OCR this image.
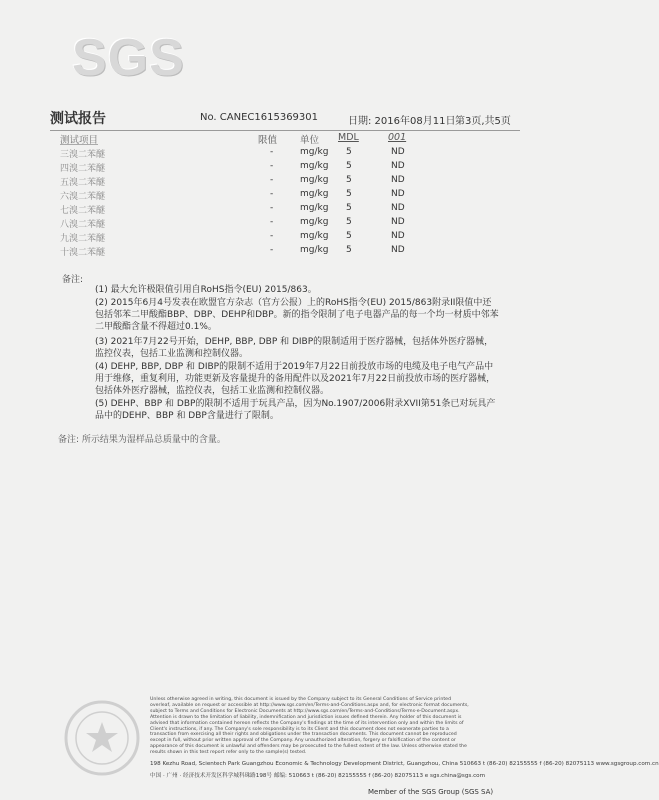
SGS
测试报告	No. CANEC1615369301	日期: 2016年08月11日 第3页,共5页
测试项目	限值 单位 MDL	001
三溴二苯醚	-	mg/kg 5	ND
四溴二苯醚	-	mg/kg 5	ND
五溴二苯醚	-	mg/kg 5	ND
六溴二苯醚	-	mg/kg 5	ND
七溴二苯醚	-	mg/kg 5	ND
八溴二苯醚	-	mg/kg 5	ND
九溴二苯醚	-	mg/kg 5	ND
十溴二苯醚	-	mg/kg 5	ND
备注:
(1) 最大允许极限值引用自RoHS指令(EU) 2015/863。
(2) 2015年6月4号发表在欧盟官方杂志（官方公报）上的RoHS指令(EU) 2015/863附录II限值中还包括邻苯二甲酸酯BBP、DBP、DEHP和DBP。新的指令限制了电子电器产品的每一个均一材质中邻苯二甲酸酯含量不得超过0.1%。
(3) 2021年7月22号开始，DEHP, BBP, DBP 和 DIBP的限制适用于医疗器械，包括体外医疗器械，监控仪表，包括工业监测和控制仪器。
(4) DEHP, BBP, DBP 和 DIBP的限制不适用于2019年7月22日前投放市场的电缆及电子电气产品中用于维修，重复利用，功能更新及容量提升的备用配件以及2021年7月22日前投放市场的医疗器械，包括体外医疗器械，监控仪表，包括工业监测和控制仪器。
(5) DEHP、BBP 和 DBP的限制不适用于玩具产品，因为No.1907/2006附录XVII第51条已对玩具产品中的DEHP、BBP 和 DBP含量进行了限制。
备注: 所示结果为湿样品总质量中的含量。

Unless otherwise agreed in writing, this document is issued by the Company subject to its General Conditions of Service printed

overleaf, available on request or accessible at http://www.sgs.com/en/Terms-and-Conditions.aspx and, for electronic format documents,

subject to Terms and Conditions for Electronic Documents at http://www.sgs.com/en/Terms-and-Conditions/Terms-e-Document.aspx.

Attention is drawn to the limitation of liability, indemnification and jurisdiction issues defined therein. Any holder of this document is

advised that information contained hereon reflects the Company's findings at the time of its intervention only and within the limits of

Client's instructions, if any. The Company's sole responsibility is to its Client and this document does not exonerate parties to a

transaction from exercising all their rights and obligations under the transaction documents. This document cannot be reproduced

except in full, without prior written approval of the Company. Any unauthorized alteration, forgery or falsification of the content or

appearance of this document is unlawful and offenders may be prosecuted to the fullest extent of the law. Unless otherwise stated the

results shown in this test report refer only to the sample(s) tested.

198 Kezhu Road, Scientech Park Guangzhou Economic & Technology Development District, Guangzhou, China 510663 t (86-20) 82155555 f (86-20) 82075113 www.sgsgroup.com.cn
中国 · 广州 · 经济技术开发区科学城科珠路198号 邮编: 510663 t (86-20) 82155555 f (86-20) 82075113 e sgs.china@sgs.com
Member of the SGS Group (SGS SA)
